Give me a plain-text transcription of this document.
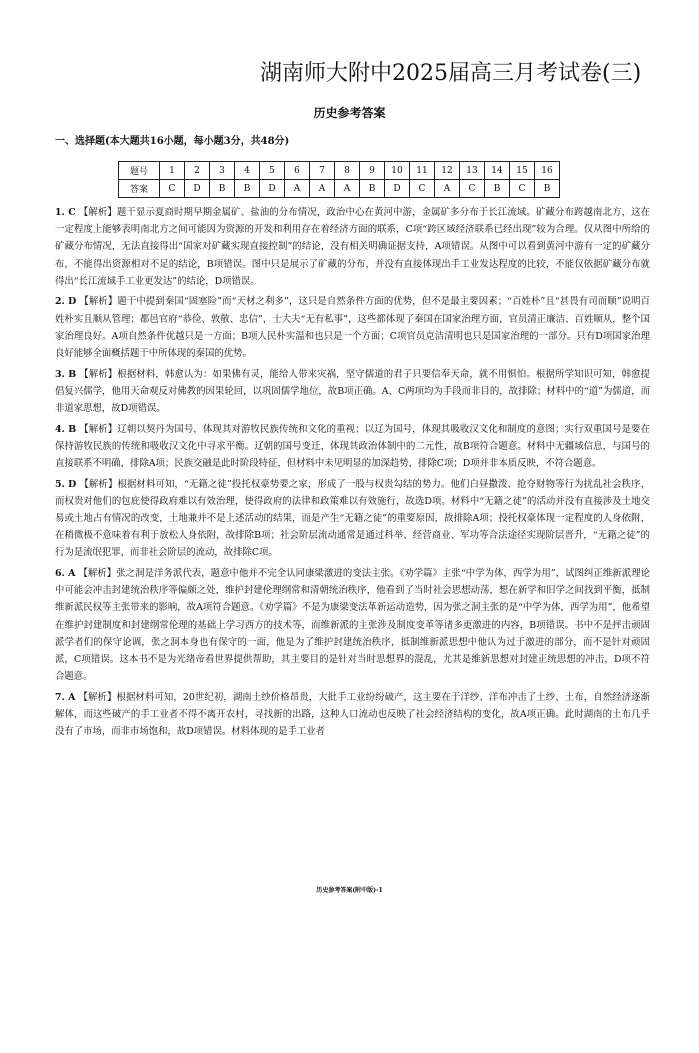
湖南师大附中2025届高三月考试卷(三)
历史参考答案
一、选择题(本大题共16小题，每小题3分，共48分)
题号	1	2	3	4	5	6	7	8	9	10	11	12	13	14	15	16
答案	C	D	B	B	D	A	A	A	B	D	C	A	C	B	C	B
1. C 【解析】题干显示夏商时期早期金属矿、盐油的分布情况，政治中心在黄河中游，金属矿多分布于长江流域。矿藏分布跨越南北方，这在一定程度上能够表明南北方之间可能因为资源的开发和利用存在着经济方面的联系，C项“跨区域经济联系已经出现”较为合理。仅从图中所给的矿藏分布情况，无法直接得出“国家对矿藏实现直接控制”的结论，没有相关明确证据支持，A项错误。从图中可以看到黄河中游有一定的矿藏分布，不能得出资源相对不足的结论，B项错误。图中只是展示了矿藏的分布，并没有直接体现出手工业发达程度的比较，不能仅依据矿藏分布就得出“长江流域手工业更发达”的结论，D项错误。
2. D 【解析】题干中提到秦国“固塞险”而“天材之利多”，这只是自然条件方面的优势，但不是最主要因素；“百姓朴”且“甚畏有司而顺”说明百姓朴实且顺从管理；都邑官府“恭俭、敦敬、忠信”，士大夫“无有私事”，这些都体现了秦国在国家治理方面，官员清正廉洁、百姓顺从，整个国家治理良好。A项自然条件优越只是一方面；B项人民朴实温和也只是一个方面；C项官员克洁清明也只是国家治理的一部分。只有D项国家治理良好能够全面概括题干中所体现的秦国的优势。
3. B 【解析】根据材料，韩愈认为：如果佛有灵，能给人带来灾祸，坚守儒道的君子只要信奉天命，就不用惧怕。根据所学知识可知，韩愈提倡复兴儒学，他用天命观反对佛教的因果轮回，以巩固儒学地位，故B项正确。A、C两项均为手段而非目的，故排除；材料中的“道”为儒道，而非道家思想，故D项错误。
4. B 【解析】辽朝以契丹为国号，体现其对游牧民族传统和文化的重视；以辽为国号，体现其吸收汉文化和制度的意图；实行双重国号是要在保持游牧民族的传统和吸收汉文化中寻求平衡。辽朝的国号变迁，体现其政治体制中的二元性，故B项符合题意。材料中无疆域信息，与国号的直接联系不明确，排除A项；民族交融是此时阶段特征，但材料中未见明显的加深趋势，排除C项；D项并非本质反映，不符合题意。
5. D 【解析】根据材料可知，“无籍之徒”投托权豪势要之家，形成了一股与权贵勾结的势力。他们白昼撒泼、抢夺财物等行为扰乱社会秩序，而权贵对他们的包庇使得政府难以有效治理，使得政府的法律和政策难以有效施行，故选D项。材料中“无籍之徒”的活动并没有直接涉及土地交易或土地占有情况的改变，土地兼并不是上述活动的结果，而是产生“无籍之徒”的重要原因，故排除A项；投托权豪体现一定程度的人身依附，在稍微极不意味着有利于放松人身依附，故排除B项；社会阶层流动通常是通过科举、经营商业、军功等合法途径实现阶层晋升，“无籍之徒”的行为是流氓犯罪，而非社会阶层的流动，故排除C项。
6. A 【解析】张之洞是洋务派代表，题意中他并不完全认同康梁激进的变法主张。《劝学篇》主张“中学为体，西学为用”，试图纠正维新派理论中可能会冲击封建统治秩序等偏颇之处，维护封建伦理纲常和清朝统治秩序，他看到了当时社会思想动荡，想在新学和旧学之间找到平衡，抵制维新派民权等主张带来的影响，故A项符合题意。《劝学篇》不是为康梁变法革新运动造势，因为张之洞主张的是“中学为体，西学为用”，他希望在维护封建制度和封建纲常伦理的基础上学习西方的技术等，而维新派的主张涉及制度变革等诸多更激进的内容，B项错误。书中不是抨击顽固派学者们的保守论调，张之洞本身也有保守的一面，他是为了维护封建统治秩序，抵制维新派思想中他认为过于激进的部分，而不是针对顽固派，C项错误。这本书不是为光绪帝看世界提供帮助，其主要目的是针对当时思想界的混乱，尤其是维新思想对封建正统思想的冲击，D项不符合题意。
7. A 【解析】根据材料可知，20世纪初，湖南土纱价格昂贵，大批手工业纷纷破产，这主要在于洋纱、洋布冲击了土纱、土布，自然经济逐渐解体，而这些破产的手工业者不得不离开农村，寻找新的出路，这种人口流动也反映了社会经济结构的变化，故A项正确。此时湖南的土布几乎没有了市场，而非市场饱和，故D项错误。材料体现的是手工业者
历史参考答案(附中版)-1
